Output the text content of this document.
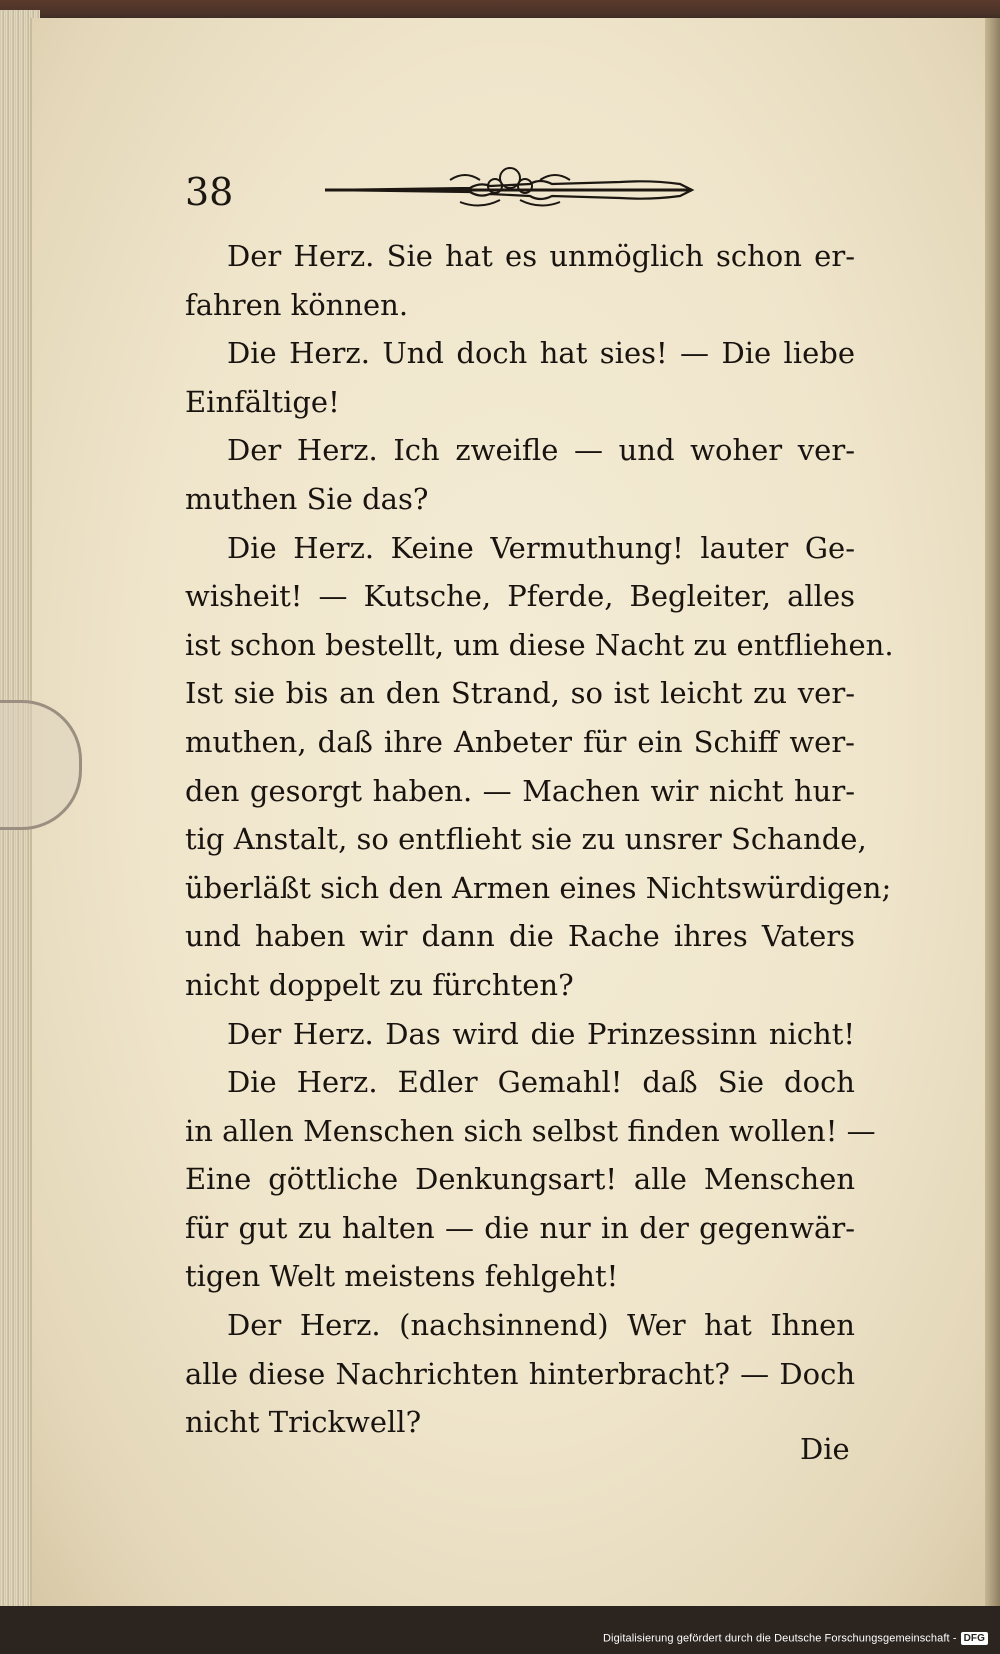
38
Der Herz. Sie hat es unmöglich schon er-
fahren können.
Die Herz. Und doch hat sies! — Die liebe
Einfältige!
Der Herz. Ich zweifle — und woher ver-
muthen Sie das?
Die Herz. Keine Vermuthung! lauter Ge-
wisheit! — Kutsche, Pferde, Begleiter, alles
ist schon bestellt, um diese Nacht zu entfliehen.
Ist sie bis an den Strand, so ist leicht zu ver-
muthen, daß ihre Anbeter für ein Schiff wer-
den gesorgt haben. — Machen wir nicht hur-
tig Anstalt, so entflieht sie zu unsrer Schande,
überläßt sich den Armen eines Nichtswürdigen;
und haben wir dann die Rache ihres Vaters
nicht doppelt zu fürchten?
Der Herz. Das wird die Prinzessinn nicht!
Die Herz. Edler Gemahl! daß Sie doch
in allen Menschen sich selbst finden wollen! —
Eine göttliche Denkungsart! alle Menschen
für gut zu halten — die nur in der gegenwär-
tigen Welt meistens fehlgeht!
Der Herz. (nachsinnend) Wer hat Ihnen
alle diese Nachrichten hinterbracht? — Doch
nicht Trickwell?
Die
Digitalisierung gefördert durch die Deutsche Forschungsgemeinschaft - DFG
